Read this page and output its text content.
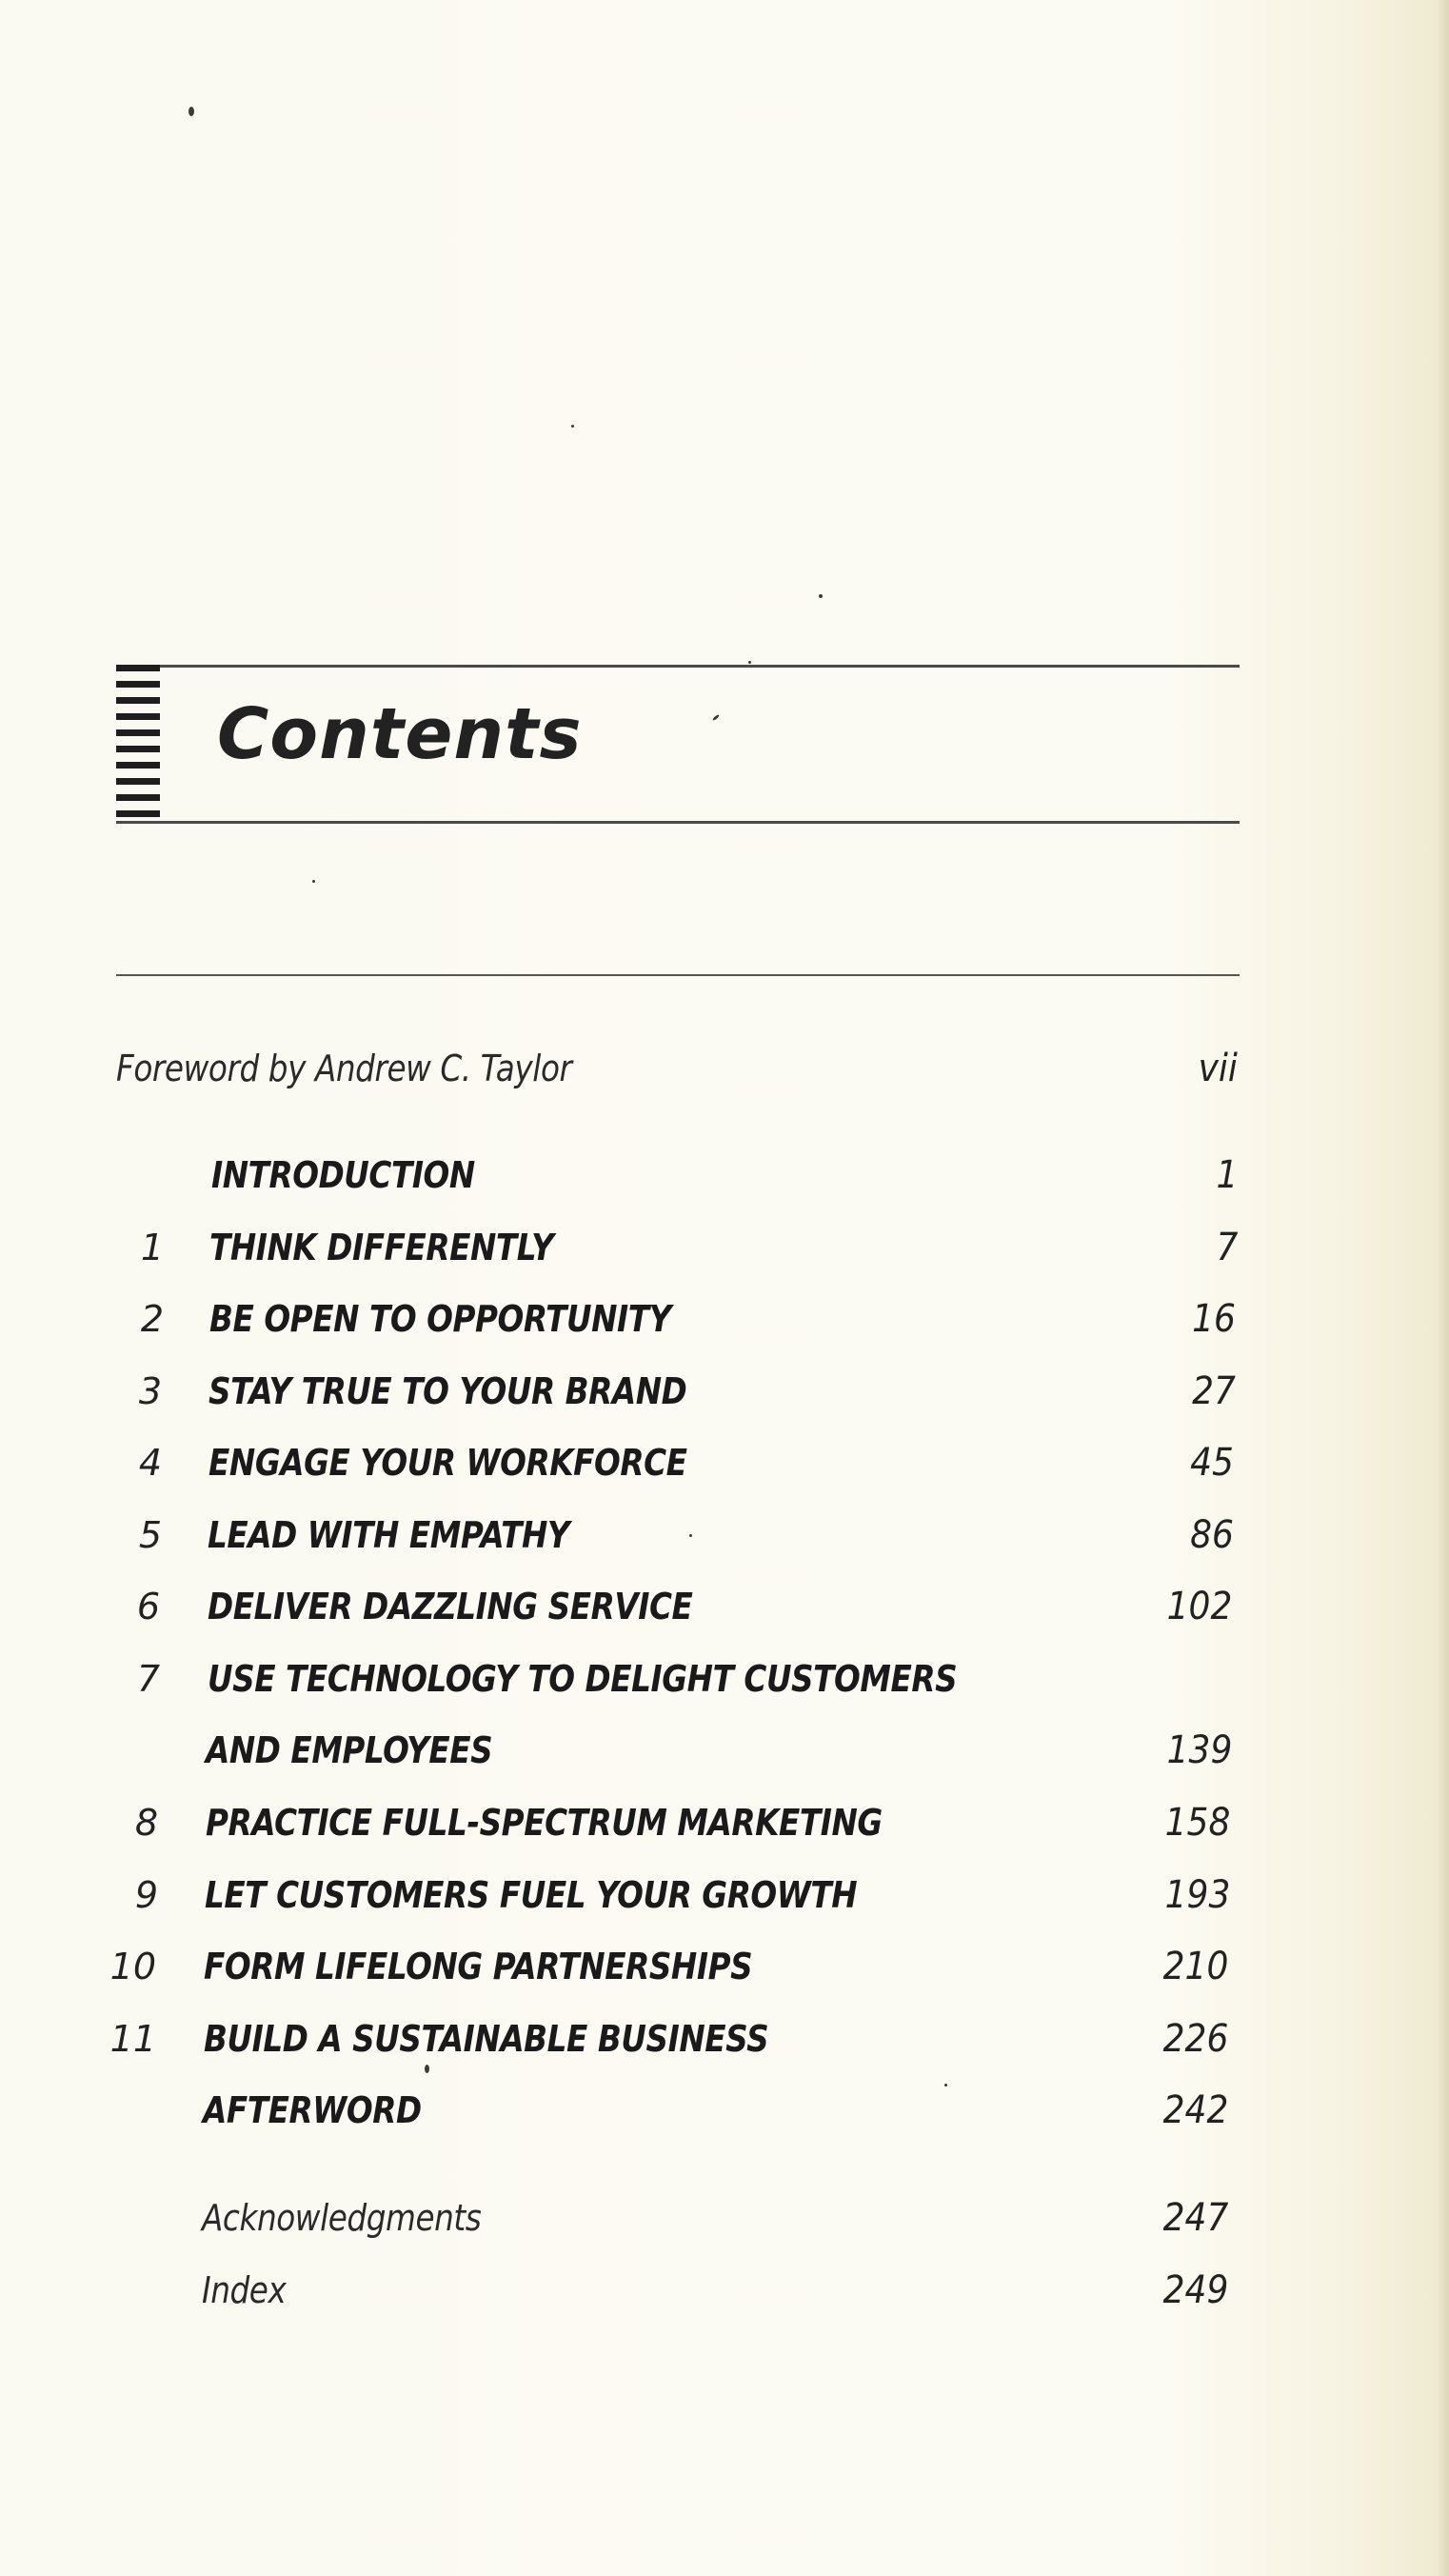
Contents
Foreword by Andrew C. Taylor	vii
INTRODUCTION	1
1 THINK DIFFERENTLY	7
2 BE OPEN TO OPPORTUNITY	16
3 STAY TRUE TO YOUR BRAND	27
4 ENGAGE YOUR WORKFORCE	45
5 LEAD WITH EMPATHY	86
6 DELIVER DAZZLING SERVICE	102
7 USE TECHNOLOGY TO DELIGHT CUSTOMERS
AND EMPLOYEES	139
8 PRACTICE FULL-SPECTRUM MARKETING	158
9 LET CUSTOMERS FUEL YOUR GROWTH	193
10 FORM LIFELONG PARTNERSHIPS	210
11 BUILD A SUSTAINABLE BUSINESS	226
AFTERWORD	242
Acknowledgments	247
Index	249
